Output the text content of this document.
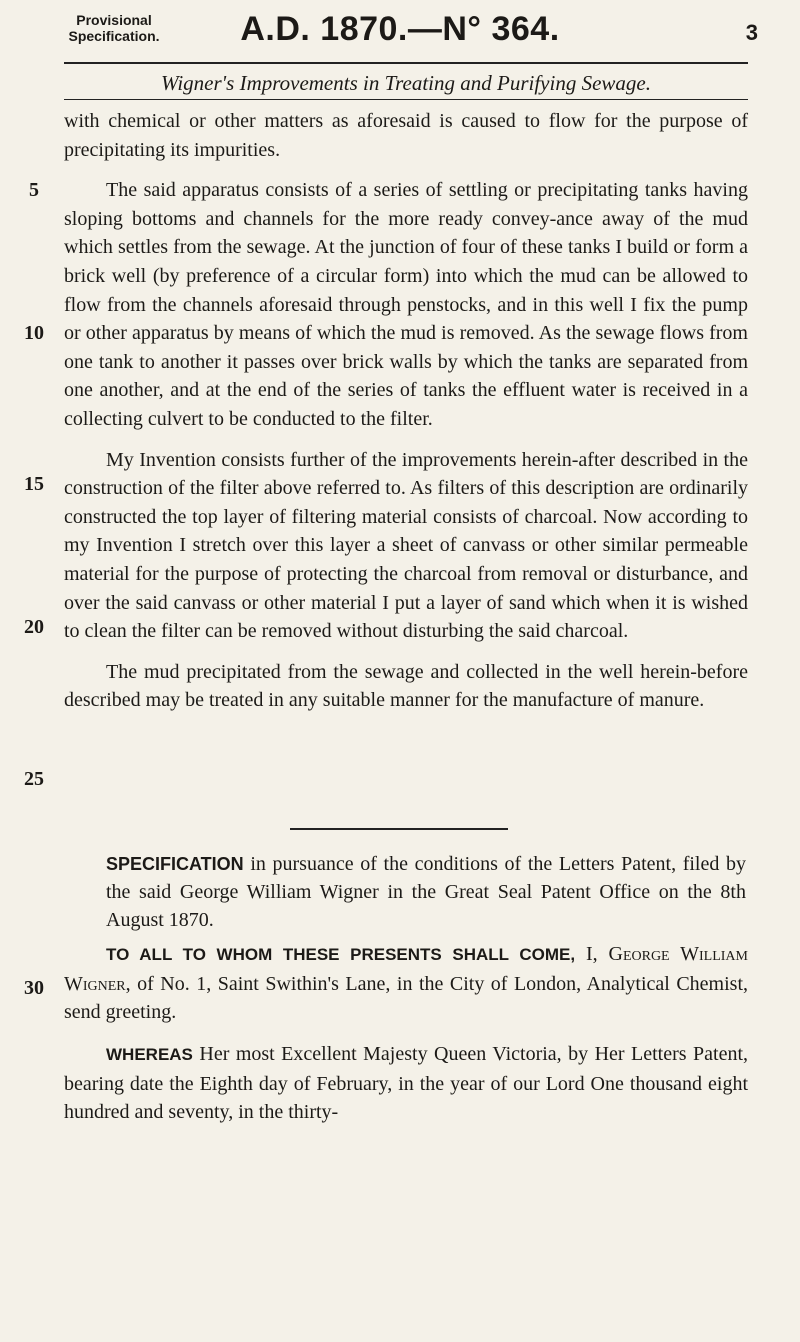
Provisional Specification.	A.D. 1870.—N° 364.	3
Wigner's Improvements in Treating and Purifying Sewage.
5
10
15
20
25
30

with chemical or other matters as aforesaid is caused to flow for the purpose of precipitating its impurities.

The said apparatus consists of a series of settling or precipitating tanks having sloping bottoms and channels for the more ready convey-ance away of the mud which settles from the sewage. At the junction of four of these tanks I build or form a brick well (by preference of a circular form) into which the mud can be allowed to flow from the channels aforesaid through penstocks, and in this well I fix the pump or other apparatus by means of which the mud is removed. As the sewage flows from one tank to another it passes over brick walls by which the tanks are separated from one another, and at the end of the series of tanks the effluent water is received in a collecting culvert to be conducted to the filter.

My Invention consists further of the improvements herein-after described in the construction of the filter above referred to. As filters of this description are ordinarily constructed the top layer of filtering material consists of charcoal. Now according to my Invention I stretch over this layer a sheet of canvass or other similar permeable material for the purpose of protecting the charcoal from removal or disturbance, and over the said canvass or other material I put a layer of sand which when it is wished to clean the filter can be removed without disturbing the said charcoal.

The mud precipitated from the sewage and collected in the well herein-before described may be treated in any suitable manner for the manufacture of manure.

SPECIFICATION in pursuance of the conditions of the Letters Patent, filed by the said George William Wigner in the Great Seal Patent Office on the 8th August 1870.
TO ALL TO WHOM THESE PRESENTS SHALL COME, I, George William Wigner, of No. 1, Saint Swithin's Lane, in the City of London, Analytical Chemist, send greeting.
WHEREAS Her most Excellent Majesty Queen Victoria, by Her Letters Patent, bearing date the Eighth day of February, in the year of our Lord One thousand eight hundred and seventy, in the thirty-
